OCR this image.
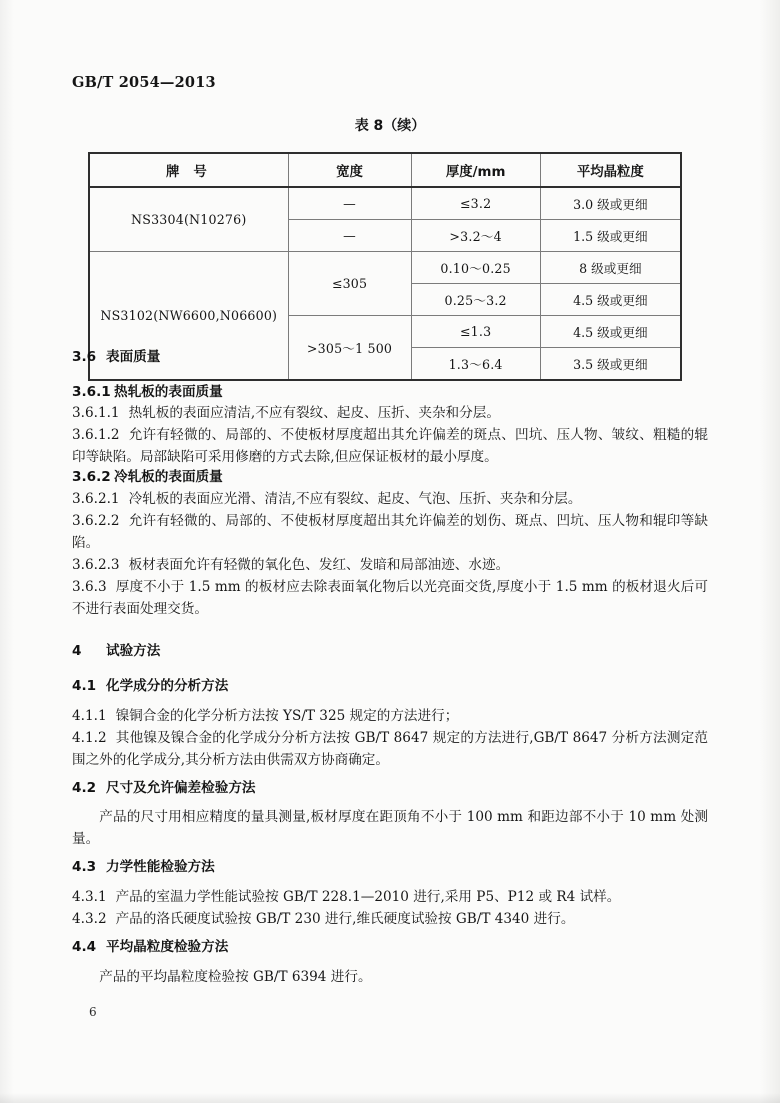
GB/T 2054—2013
表 8（续）
牌 号	宽度	厚度/mm	平均晶粒度
NS3304(N10276)	—	≤3.2	3.0 级或更细
	—	>3.2～4	1.5 级或更细
NS3102(NW6600,N06600)	≤305	0.10～0.25	8 级或更细
		0.25～3.2	4.5 级或更细
	>305～1 500	≤1.3	4.5 级或更细
		1.3～6.4	3.5 级或更细
3.6 表面质量
3.6.1 热轧板的表面质量

3.6.1.1 热轧板的表面应清洁,不应有裂纹、起皮、压折、夹杂和分层。

3.6.1.2 允许有轻微的、局部的、不使板材厚度超出其允许偏差的斑点、凹坑、压人物、皱纹、粗糙的辊印等缺陷。局部缺陷可采用修磨的方式去除,但应保证板材的最小厚度。

3.6.2 冷轧板的表面质量

3.6.2.1 冷轧板的表面应光滑、清洁,不应有裂纹、起皮、气泡、压折、夹杂和分层。

3.6.2.2 允许有轻微的、局部的、不使板材厚度超出其允许偏差的划伤、斑点、凹坑、压人物和辊印等缺陷。

3.6.2.3 板材表面允许有轻微的氧化色、发红、发暗和局部油迹、水迹。

3.6.3 厚度不小于 1.5 mm 的板材应去除表面氧化物后以光亮面交货,厚度小于 1.5 mm 的板材退火后可不进行表面处理交货。

4 试验方法
4.1 化学成分的分析方法

4.1.1 镍铜合金的化学分析方法按 YS/T 325 规定的方法进行；

4.1.2 其他镍及镍合金的化学成分分析方法按 GB/T 8647 规定的方法进行,GB/T 8647 分析方法测定范围之外的化学成分,其分析方法由供需双方协商确定。

4.2 尺寸及允许偏差检验方法

产品的尺寸用相应精度的量具测量,板材厚度在距顶角不小于 100 mm 和距边部不小于 10 mm 处测量。

4.3 力学性能检验方法

4.3.1 产品的室温力学性能试验按 GB/T 228.1—2010 进行,采用 P5、P12 或 R4 试样。

4.3.2 产品的洛氏硬度试验按 GB/T 230 进行,维氏硬度试验按 GB/T 4340 进行。

4.4 平均晶粒度检验方法

产品的平均晶粒度检验按 GB/T 6394 进行。

6
